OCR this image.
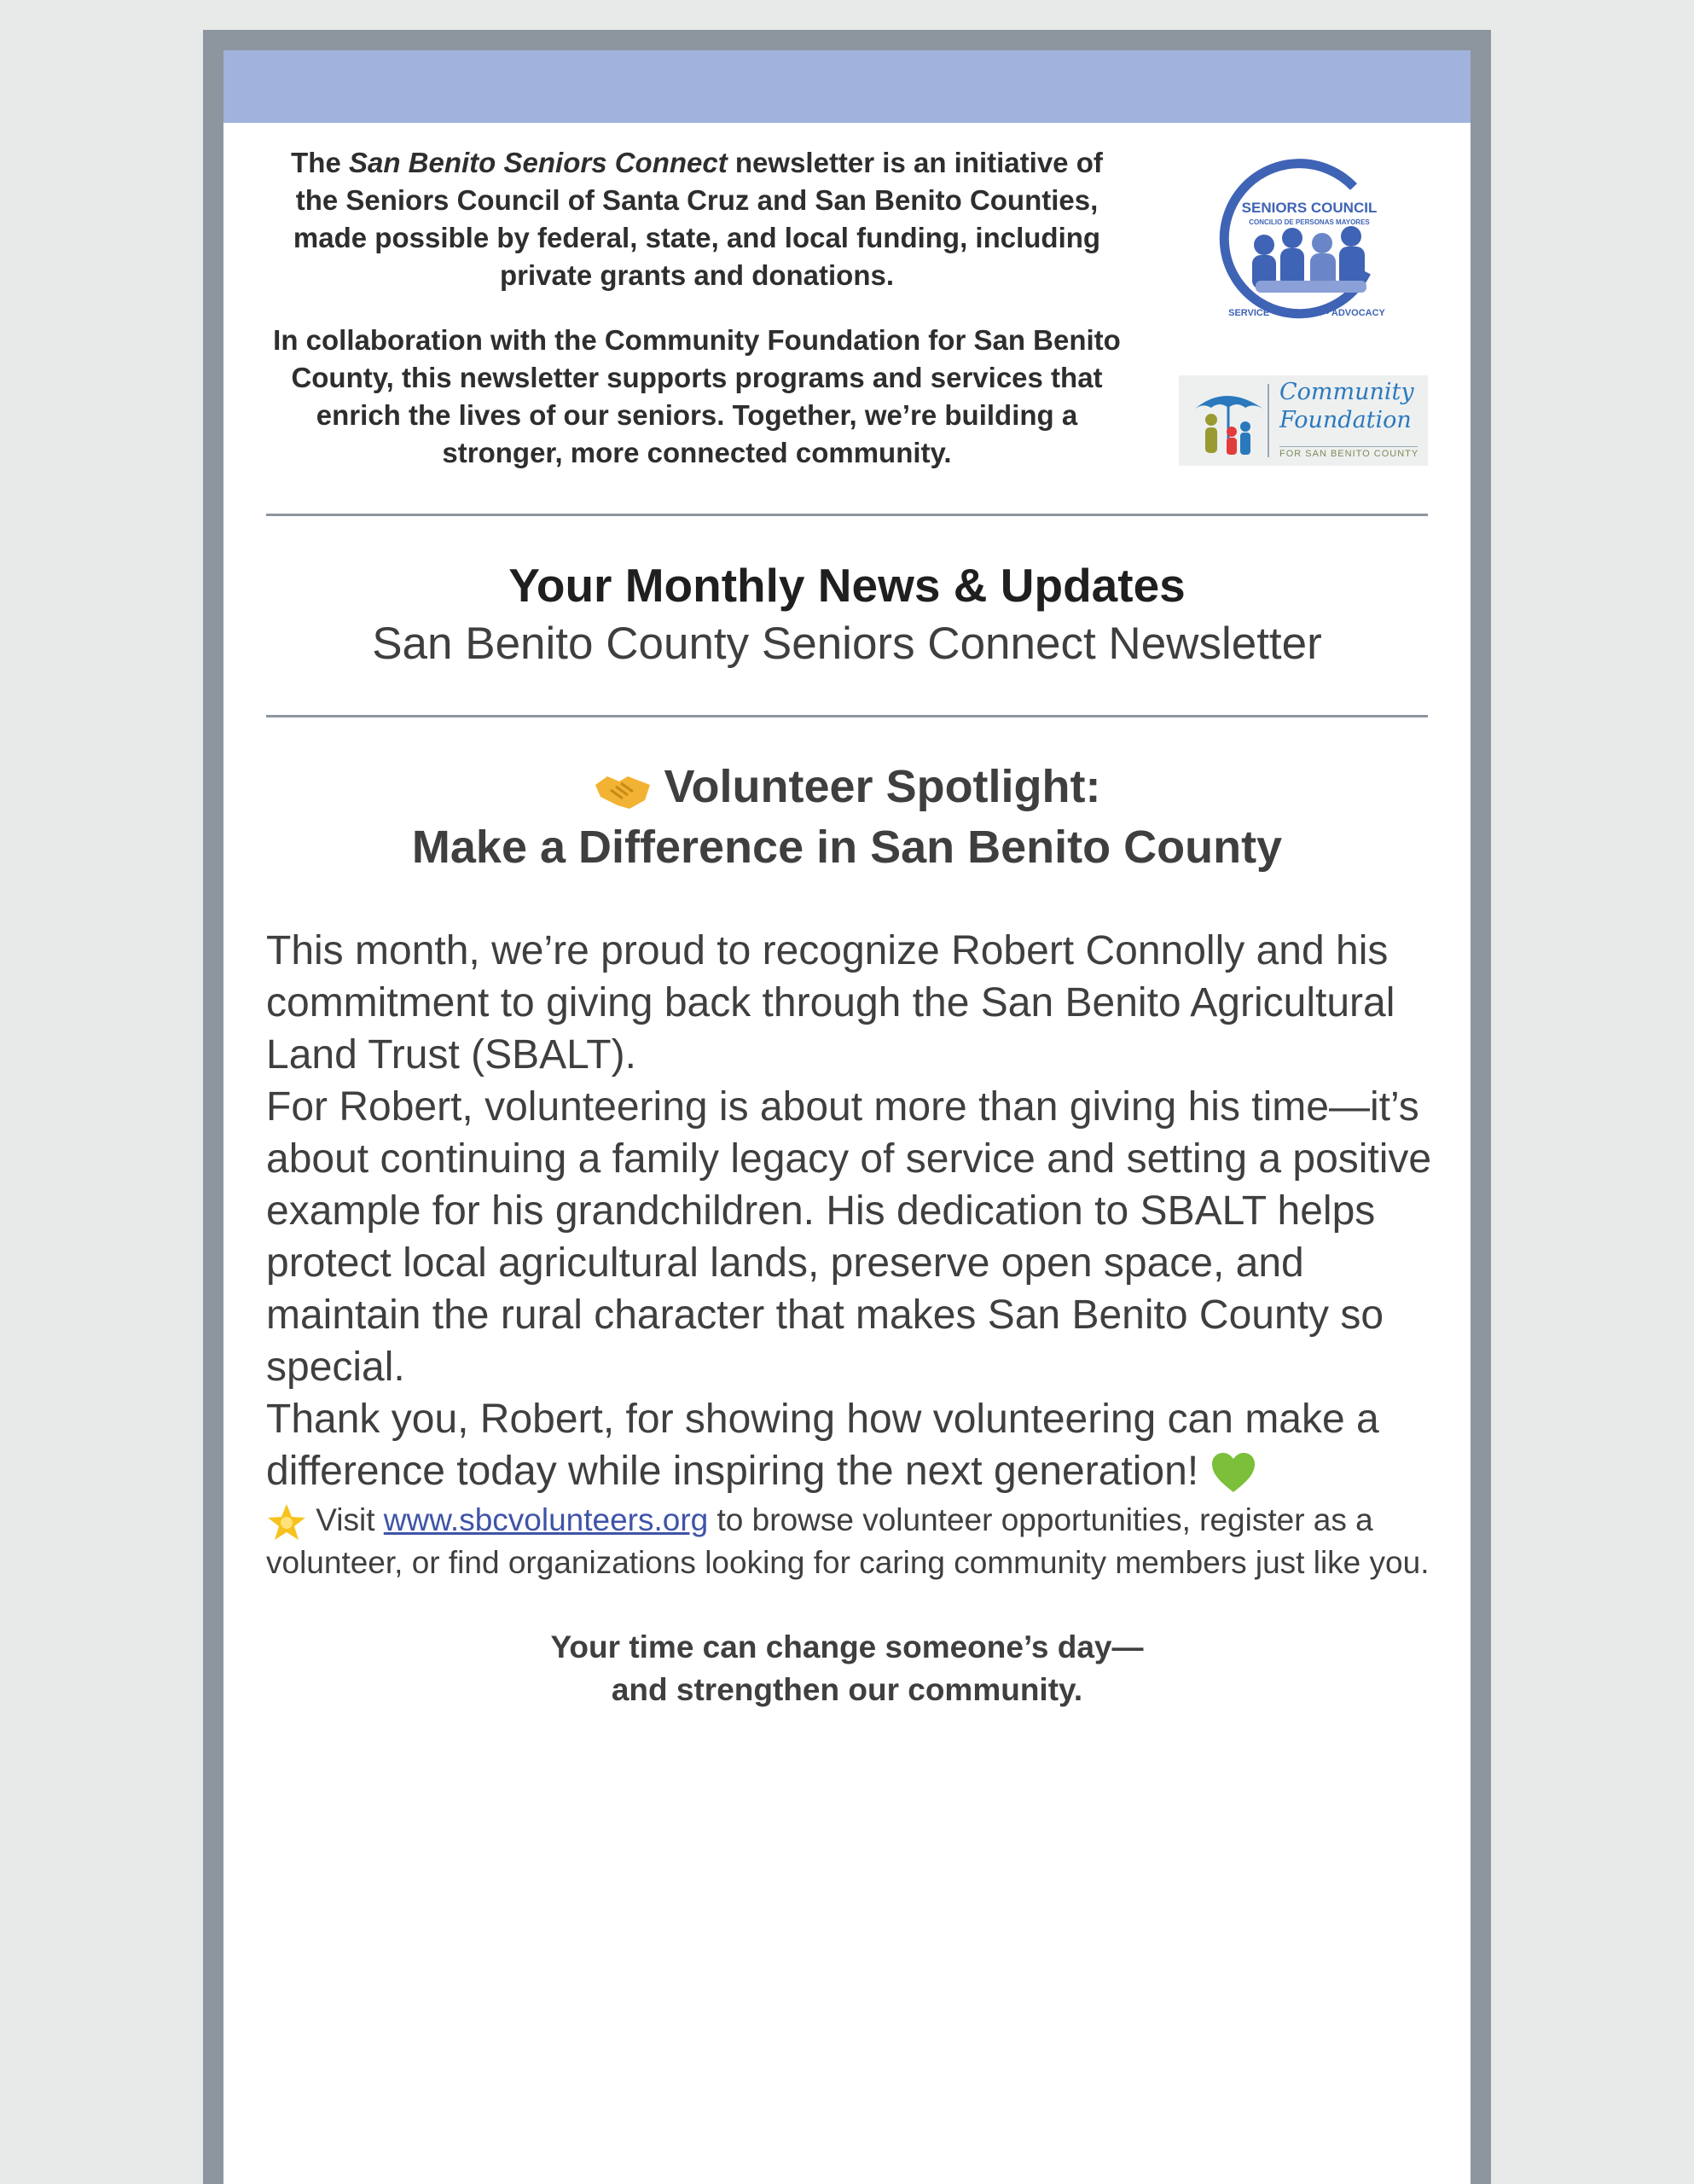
The San Benito Seniors Connect newsletter is an initiative of the Seniors Council of Santa Cruz and San Benito Counties, made possible by federal, state, and local funding, including private grants and donations.

In collaboration with the Community Foundation for San Benito County, this newsletter supports programs and services that enrich the lives of our seniors. Together, we’re building a stronger, more connected community.

SENIORS COUNCIL
CONCILIO DE PERSONAS MAYORES
SERVICE • SUPPORT • ADVOCACY
Community
Foundation
FOR SAN BENITO COUNTY
Your Monthly News & Updates
San Benito County Seniors Connect Newsletter
Volunteer Spotlight:
Make a Difference in San Benito County

This month, we’re proud to recognize Robert Connolly and his commitment to giving back through the San Benito Agricultural Land Trust (SBALT).

For Robert, volunteering is about more than giving his time—it’s about continuing a family legacy of service and setting a positive example for his grandchildren. His dedication to SBALT helps protect local agricultural lands, preserve open space, and maintain the rural character that makes San Benito County so special.

Thank you, Robert, for showing how volunteering can make a difference today while inspiring the next generation!

Visit www.sbcvolunteers.org to browse volunteer opportunities, register as a volunteer, or find organizations looking for caring community members just like you.
Your time can change someone’s day—
and strengthen our community.
